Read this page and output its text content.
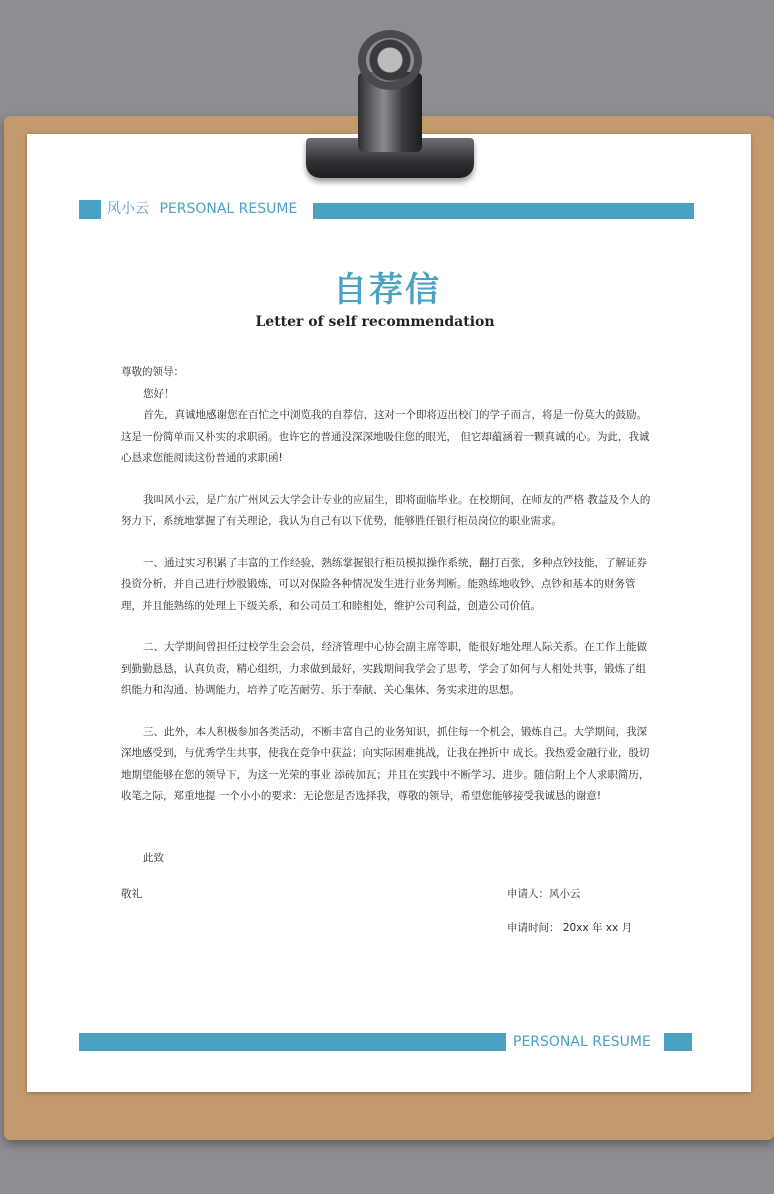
风小云 PERSONAL RESUME
自荐信
Letter of self recommendation

尊敬的领导：

您好！

首先，真诚地感谢您在百忙之中浏览我的自荐信，这对一个即将迈出校门的学子而言，将是一份莫大的鼓励。这是一份简单而又朴实的求职函。也许它的普通没深深地吸住您的眼光， 但它却蕴涵着一颗真诚的心。为此，我诚心恳求您能阅读这份普通的求职函!

我叫风小云，是广东广州风云大学会计专业的应届生，即将面临毕业。在校期间，在师友的严格 教益及个人的努力下，系统地掌握了有关理论，我认为自己有以下优势，能够胜任银行柜员岗位的职业需求。

一、通过实习积累了丰富的工作经验，熟练掌握银行柜员模拟操作系统，翻打百张，多种点钞技能，了解证券投资分析，并自己进行炒股锻炼，可以对保险各种情况发生进行业务判断。能熟练地收钞、点钞和基本的财务管理，并且能熟练的处理上下级关系，和公司员工和睦相处，维护公司利益，创造公司价值。

二、大学期间曾担任过校学生会会员，经济管理中心协会副主席等职，能很好地处理人际关系。在工作上能做到勤勤恳恳，认真负责，精心组织，力求做到最好，实践期间我学会了思考，学会了如何与人相处共事，锻炼了组织能力和沟通、协调能力，培养了吃苦耐劳、乐于奉献、关心集体、务实求进的思想。

三、此外，本人积极参加各类活动，不断丰富自己的业务知识，抓住每一个机会，锻炼自己。大学期间，我深深地感受到，与优秀学生共事，使我在竞争中获益；向实际困难挑战，让我在挫折中 成长。我热爱金融行业，殷切地期望能够在您的领导下，为这一光荣的事业 添砖加瓦；并且在实践中不断学习、进步。随信附上个人求职简历，收笔之际，郑重地提 一个小小的要求：无论您是否选择我，尊敬的领导，希望您能够接受我诚恳的谢意!

此致
敬礼	申请人：风小云
申请时间： 20xx 年 xx 月
PERSONAL RESUME
